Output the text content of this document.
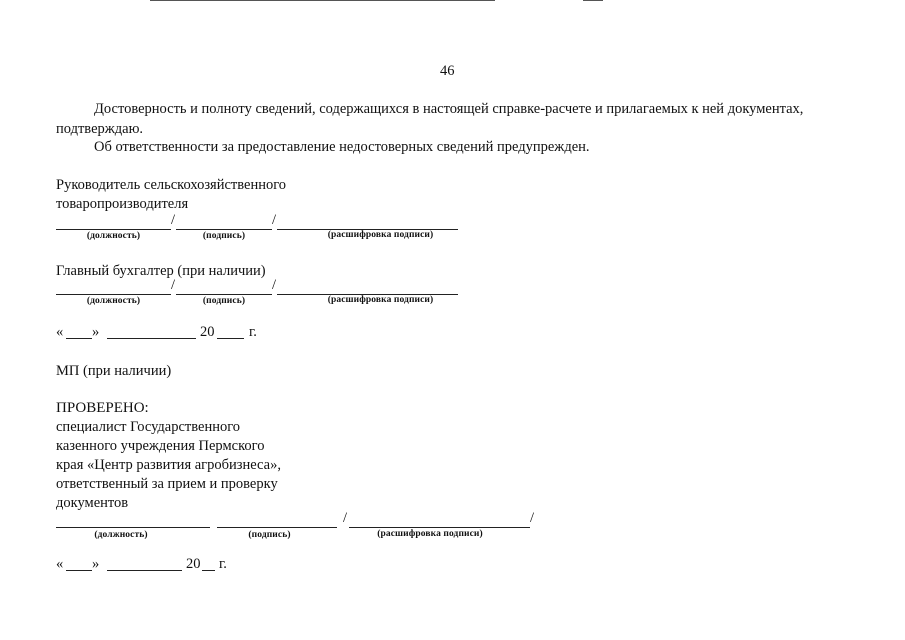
46
Достоверность и полноту сведений, содержащихся в настоящей справке-расчете и прилагаемых к ней документах,
подтверждаю.
Об ответственности за предоставление недостоверных сведений предупрежден.
Руководитель сельскохозяйственного
товаропроизводителя
/	/
(должность)	(подпись)	(расшифровка подписи)
Главный бухгалтер (при наличии)
/	/
(должность)	(подпись)	(расшифровка подписи)
« »	20 г.
МП (при наличии)
ПРОВЕРЕНО:
специалист Государственного
казенного учреждения Пермского
края «Центр развития агробизнеса»,
ответственный за прием и проверку
документов
/	/
(должность)	(подпись)	(расшифровка подписи)
« »	20 г.
